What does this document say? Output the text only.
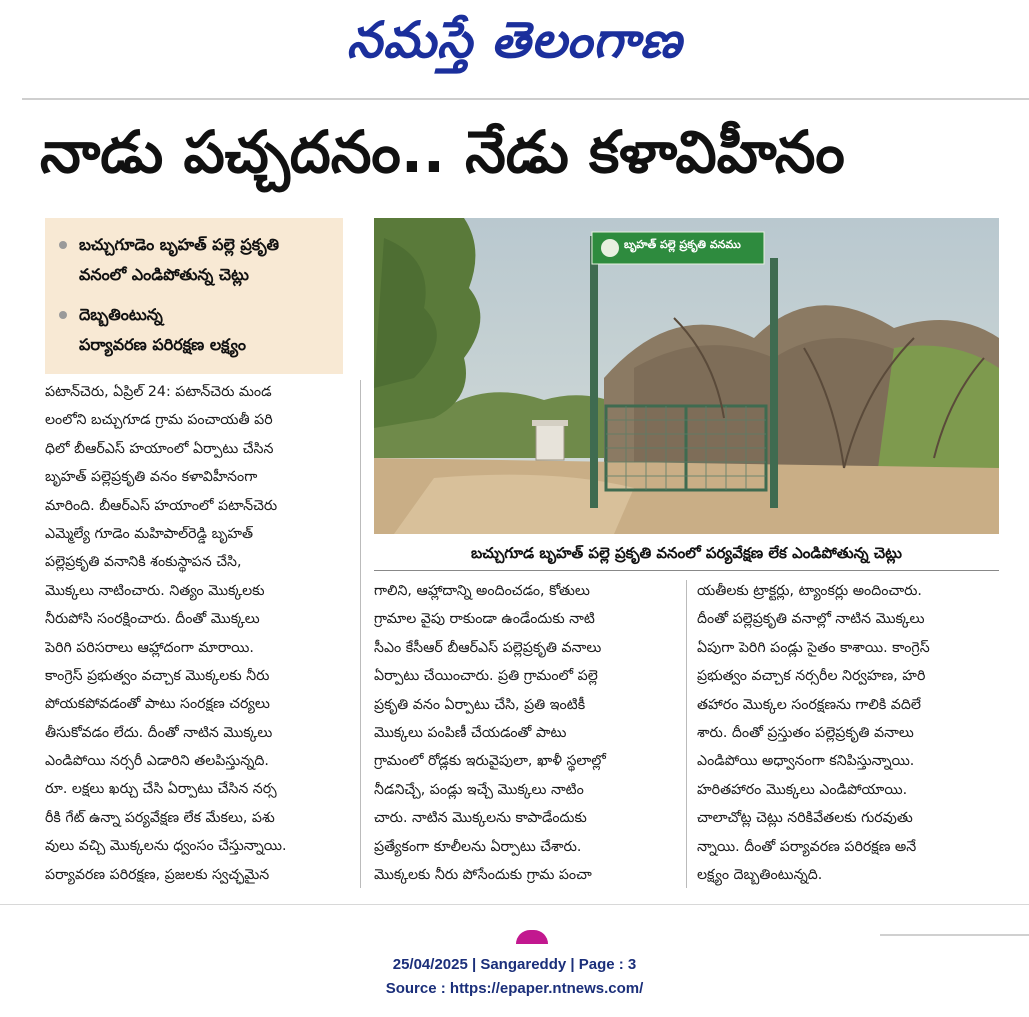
నమస్తే తెలంగాణ
నాడు పచ్చదనం.. నేడు కళావిహీనం
బచ్చుగూడెం బృహత్ పల్లె ప్రకృతి
వనంలో ఎండిపోతున్న చెట్లు
దెబ్బతింటున్న
పర్యావరణ పరిరక్షణ లక్ష్యం
బృహత్ పల్లె ప్రకృతి వనము
బచ్చుగూడ బృహత్ పల్లె ప్రకృతి వనంలో పర్యవేక్షణ లేక ఎండిపోతున్న చెట్లు
పటాన్‌చెరు, ఏప్రిల్ 24: పటాన్‌చెరు మండ
లంలోని బచ్చుగూడ గ్రామ పంచాయతీ పరి
ధిలో బీఆర్‌ఎస్ హయాంలో ఏర్పాటు చేసిన
బృహత్ పల్లెప్రకృతి వనం కళావిహీనంగా
మారింది. బీఆర్‌ఎస్ హయాంలో పటాన్‌చెరు
ఎమ్మెల్యే గూడెం మహిపాల్‌రెడ్డి బృహత్
పల్లెప్రకృతి వనానికి శంకుస్థాపన చేసి,
మొక్కలు నాటించారు. నిత్యం మొక్కలకు
నీరుపోసి సంరక్షించారు. దీంతో మొక్కలు
పెరిగి పరిసరాలు ఆహ్లాదంగా మారాయి.
కాంగ్రెస్ ప్రభుత్వం వచ్చాక మొక్కలకు నీరు
పోయకపోవడంతో పాటు సంరక్షణ చర్యలు
తీసుకోవడం లేదు. దీంతో నాటిన మొక్కలు
ఎండిపోయి నర్సరీ ఎడారిని తలపిస్తున్నది.
రూ. లక్షలు ఖర్చు చేసి ఏర్పాటు చేసిన నర్స
రీకి గేట్ ఉన్నా పర్యవేక్షణ లేక మేకలు, పశు
వులు వచ్చి మొక్కలను ధ్వంసం చేస్తున్నాయి.
పర్యావరణ పరిరక్షణ, ప్రజలకు స్వచ్ఛమైన
గాలిని, ఆహ్లాదాన్ని అందించడం, కోతులు
గ్రామాల వైపు రాకుండా ఉండేందుకు నాటి
సీఎం కేసీఆర్ బీఆర్‌ఎస్ పల్లెప్రకృతి వనాలు
ఏర్పాటు చేయించారు. ప్రతి గ్రామంలో పల్లె
ప్రకృతి వనం ఏర్పాటు చేసి, ప్రతి ఇంటికీ
మొక్కలు పంపిణీ చేయడంతో పాటు
గ్రామంలో రోడ్లకు ఇరువైపులా, ఖాళీ స్థలాల్లో
నీడనిచ్చే, పండ్లు ఇచ్చే మొక్కలు నాటిం
చారు. నాటిన మొక్కలను కాపాడేందుకు
ప్రత్యేకంగా కూలీలను ఏర్పాటు చేశారు.
మొక్కలకు నీరు పోసేందుకు గ్రామ పంచా
యతీలకు ట్రాక్టర్లు, ట్యాంకర్లు అందించారు.
దీంతో పల్లెప్రకృతి వనాల్లో నాటిన మొక్కలు
ఏపుగా పెరిగి పండ్లు సైతం కాశాయి. కాంగ్రెస్
ప్రభుత్వం వచ్చాక నర్సరీల నిర్వహణ, హరి
తహారం మొక్కల సంరక్షణను గాలికి వదిలే
శారు. దీంతో ప్రస్తుతం పల్లెప్రకృతి వనాలు
ఎండిపోయి అధ్వానంగా కనిపిస్తున్నాయి.
హరితహారం మొక్కలు ఎండిపోయాయి.
చాలాచోట్ల చెట్లు నరికివేతలకు గురవుతు
న్నాయి. దీంతో పర్యావరణ పరిరక్షణ అనే
లక్ష్యం దెబ్బతింటున్నది.
25/04/2025 | Sangareddy | Page : 3
Source : https://epaper.ntnews.com/
